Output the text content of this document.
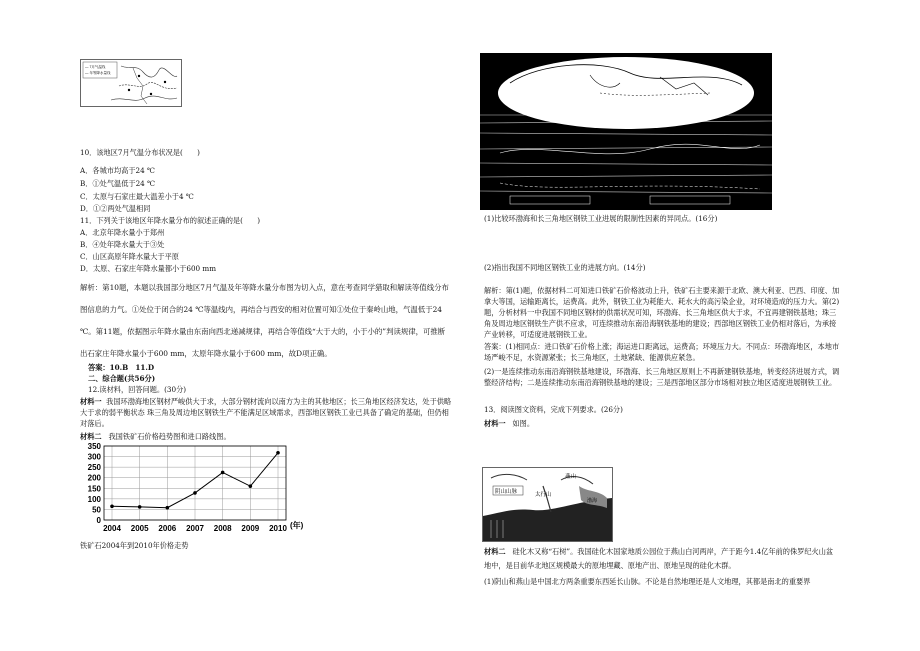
— 7月气温线
— 年等降水量线
10．该地区7月气温分布状况是(　　)
A．各城市均高于24 ℃
B．①处气温低于24 ℃
C．太原与石家庄最大温差小于4 ℃
D．①②两处气温相同
11．下列关于该地区年降水量分布的叙述正确的是(　　)
A．北京年降水量小于郑州
B．④处年降水量大于③处
C．山区高原年降水量大于平原
D．太原、石家庄年降水量都小于600 mm
解析：第10题，本题以我国部分地区7月气温及年等降水量分布图为切入点，意在考查同学猎取和解读等值线分布图信息的力气。①处位于闭合的24 ℃等温线内，再结合与西安的相对位置可知①处位于秦岭山地，气温低于24 ℃。第11题，依据图示年降水量由东南向西北递减规律，再结合等值线“大于大的，小于小的”判读规律，可推断出石家庄年降水量小于600 mm，太原年降水量小于600 mm，故D项正确。
答案：10.B　11.D
二、综合题(共56分)
12.读材料，回答问题。(30分)
材料一 我国环渤海地区钢材严峻供大于求，大部分钢材流向以南方为主的其他地区；长三角地区经济发达，处于供略大于求的弱平衡状态 珠三角及周边地区钢铁生产不能满足区域需求，西部地区钢铁工业已具备了确定的基础，但仍相对落后。
材料二 我国铁矿石价格趋势图和进口路线图。
0
50
100
150
200
250
300
350
2004 2005 2006 2007 2008 2009 2010 (年)
铁矿石2004年到2010年价格走势
(1)比较环渤海和长三角地区钢铁工业进展的限制性因素的异同点。(16分)
(2)指出我国不同地区钢铁工业的进展方向。(14分)
解析：第(1)题，依据材料二可知进口铁矿石价格波动上升，铁矿石主要来源于北欧、澳大利亚、巴西、印度、加拿大等国，运输距离长，运费高。此外，钢铁工业为耗能大、耗水大的高污染企业，对环境造成的压力大。第(2)题，分析材料一中我国不同地区钢材的供需状况可知，环渤海、长三角地区供大于求，不宜再建钢铁基地；珠三角及周边地区钢铁生产供不应求，可连续推动东南沿海钢铁基地的建设；西部地区钢铁工业仍相对落后，为承接产业转移，可适度进展钢铁工业。
答案：(1)相同点：进口铁矿石价格上涨；海运进口距离远，运费高；环境压力大。不同点：环渤海地区，本地市场严峻不足，水资源紧张；长三角地区，土地紧缺、能源供应紧急。
(2)一是连续推动东南沿海钢铁基地建设，环渤海、长三角地区原则上不再新建钢铁基地，转变经济进展方式，调整经济结构；二是连续推动东南沿海钢铁基地的建设；三是西部地区部分市场相对独立地区适度进展钢铁工业。
13．阅读图文资料，完成下列要求。(26分)
材料一 如图。
阴山山脉
燕山
太行山
渤海
材料二 硅化木又称“石树”。我国硅化木国家地质公园位于燕山白河两岸，产于距今1.4亿年前的侏罗纪火山盆地中，是目前华北地区规模最大的原地埋藏、原地产出、原地呈现的硅化木群。
(1)阴山和燕山是中国北方两条重要东西延长山脉。不论是自然地理还是人文地理，其都是南北的重要界
